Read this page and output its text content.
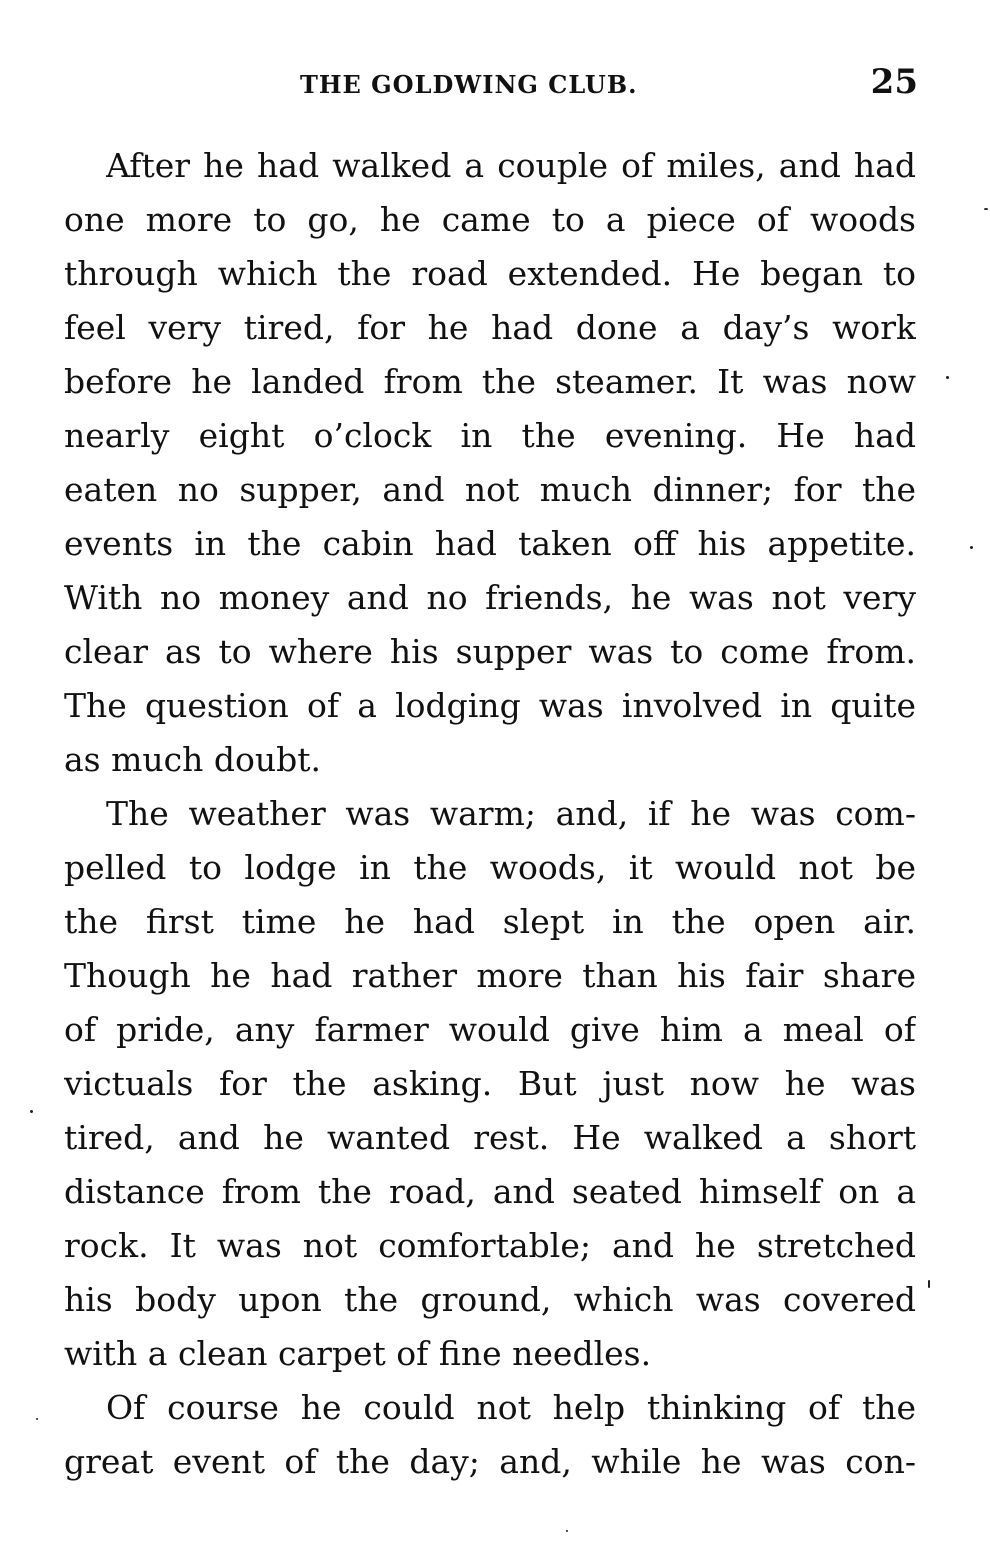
THE GOLDWING CLUB.	25
After he had walked a couple of miles, and had
one more to go, he came to a piece of woods
through which the road extended. He began to
feel very tired, for he had done a day’s work
before he landed from the steamer. It was now
nearly eight o’clock in the evening. He had
eaten no supper, and not much dinner; for the
events in the cabin had taken off his appetite.
With no money and no friends, he was not very
clear as to where his supper was to come from.
The question of a lodging was involved in quite
as much doubt.
The weather was warm; and, if he was com-
pelled to lodge in the woods, it would not be
the first time he had slept in the open air.
Though he had rather more than his fair share
of pride, any farmer would give him a meal of
victuals for the asking. But just now he was
tired, and he wanted rest. He walked a short
distance from the road, and seated himself on a
rock. It was not comfortable; and he stretched
his body upon the ground, which was covered
with a clean carpet of fine needles.
Of course he could not help thinking of the
great event of the day; and, while he was con-
